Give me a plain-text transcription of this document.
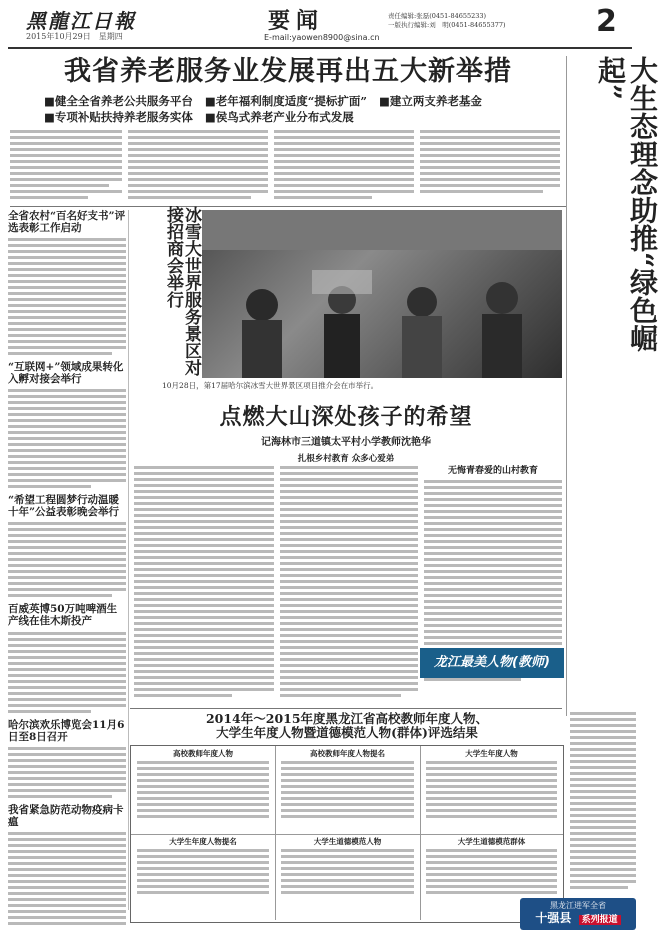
黑龍江日報
2015年10月29日　星期四
要闻
E-mail:yaowen8900@sina.cn
责任编辑:张磊(0451-84655233)
一版执行编辑:刘　明(0451-84655377)	2
我省养老服务业发展再出五大新举措
■健全全省养老公共服务平台 ■老年福利制度适度“提标扩面” ■建立两支养老基金
■专项补贴扶持养老服务实体 ■侯鸟式养老产业分布式发展
全省农村“百名好支书”评选表彰工作启动
“互联网+”领域成果转化入孵对接会举行
“希望工程圆梦行动温暖十年”公益表彰晚会举行
百威英博50万吨啤酒生产线在佳木斯投产
哈尔滨欢乐博览会11月6日至8日召开
我省紧急防范动物疫病卡瘟
冰雪大世界服务景区对接招商会举行
10月28日，第17届哈尔滨冰雪大世界景区项目推介会在市举行。
点燃大山深处孩子的希望
记海林市三道镇太平村小学教师沈艳华
扎根乡村教育 众多心爱弟
无悔青春爱的山村教育
龙江最美人物(教师)
大生态理念助推“绿色崛起”
2014年～2015年度黑龙江省高校教师年度人物、
大学生年度人物暨道德模范人物(群体)评选结果
高校教师年度人物	高校教师年度人物提名	大学生年度人物
大学生年度人物提名	大学生道德模范人物	大学生道德模范群体
黑龙江进军全省
十强县 系列报道
